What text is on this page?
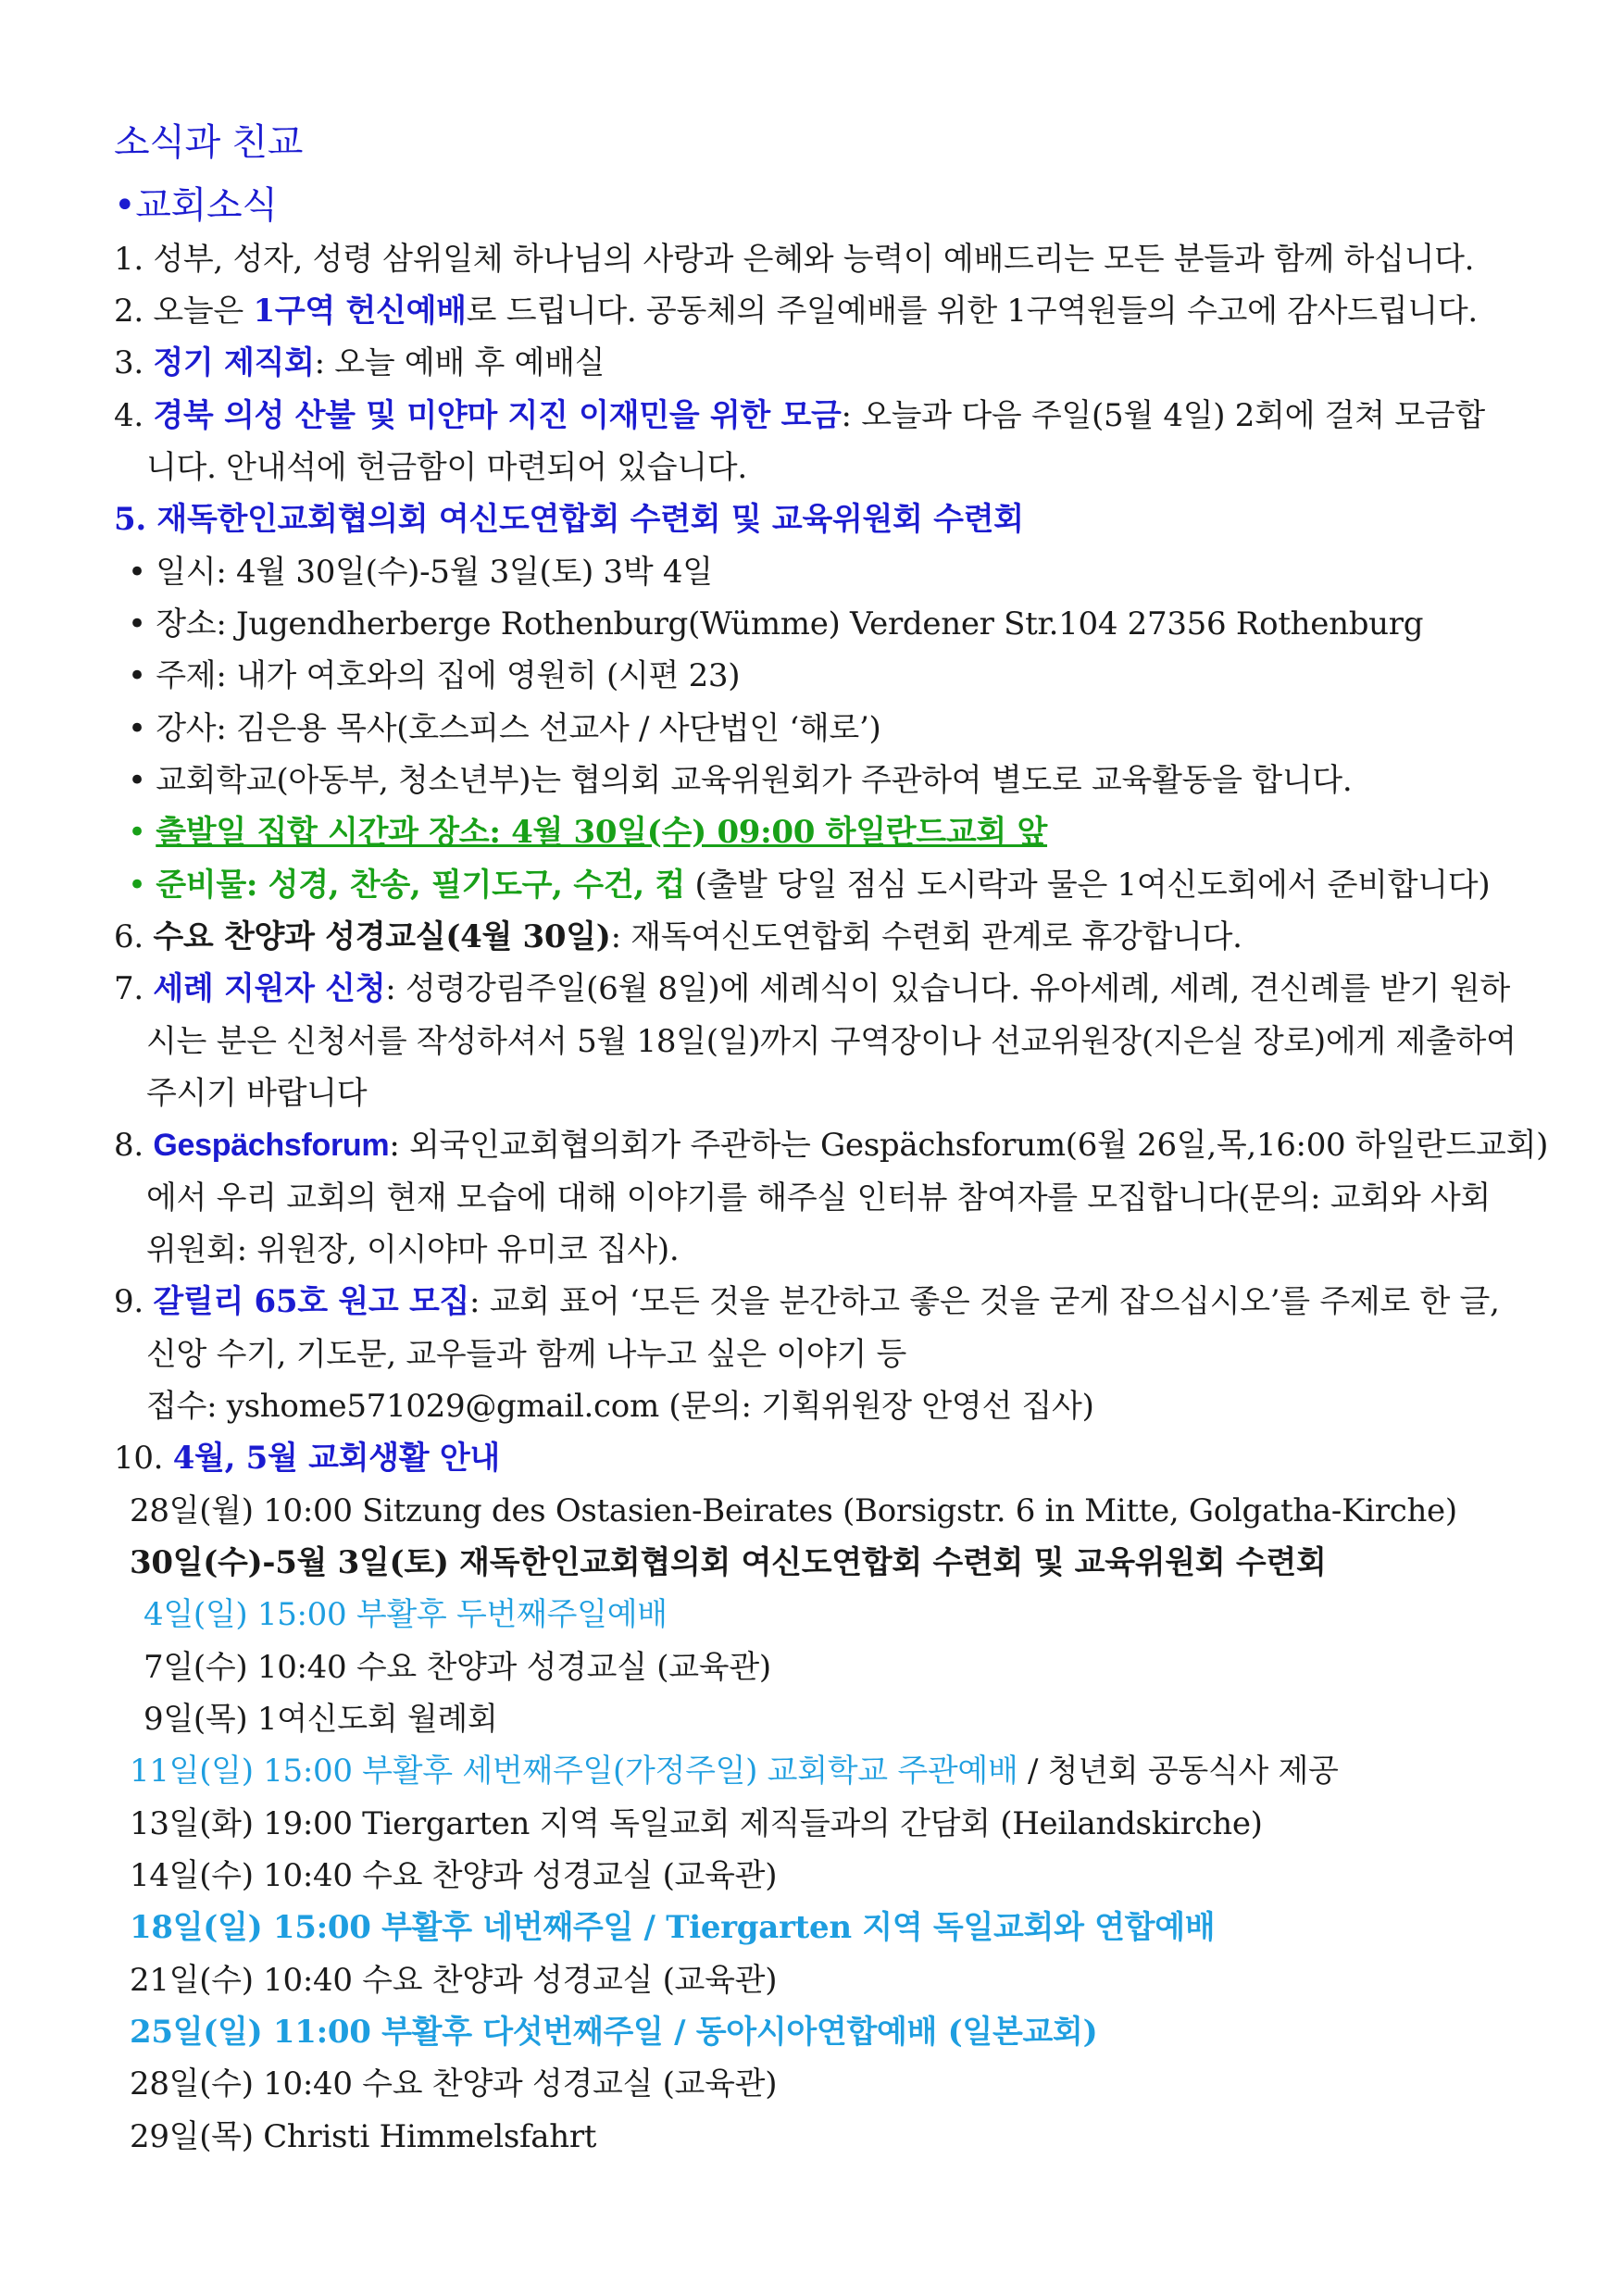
소식과 친교
•교회소식
1. 성부, 성자, 성령 삼위일체 하나님의 사랑과 은혜와 능력이 예배드리는 모든 분들과 함께 하십니다.
2. 오늘은 1구역 헌신예배로 드립니다. 공동체의 주일예배를 위한 1구역원들의 수고에 감사드립니다.
3. 정기 제직회: 오늘 예배 후 예배실
4. 경북 의성 산불 및 미얀마 지진 이재민을 위한 모금: 오늘과 다음 주일(5월 4일) 2회에 걸쳐 모금합
니다. 안내석에 헌금함이 마련되어 있습니다.
5. 재독한인교회협의회 여신도연합회 수련회 및 교육위원회 수련회
• 일시: 4월 30일(수)-5월 3일(토) 3박 4일
• 장소: Jugendherberge Rothenburg(Wümme) Verdener Str.104 27356 Rothenburg
• 주제: 내가 여호와의 집에 영원히 (시편 23)
• 강사: 김은용 목사(호스피스 선교사 / 사단법인 ‘해로’)
• 교회학교(아동부, 청소년부)는 협의회 교육위원회가 주관하여 별도로 교육활동을 합니다.
• 출발일 집합 시간과 장소: 4월 30일(수) 09:00 하일란드교회 앞
• 준비물: 성경, 찬송, 필기도구, 수건, 컵 (출발 당일 점심 도시락과 물은 1여신도회에서 준비합니다)
6. 수요 찬양과 성경교실(4월 30일): 재독여신도연합회 수련회 관계로 휴강합니다.
7. 세례 지원자 신청: 성령강림주일(6월 8일)에 세례식이 있습니다. 유아세례, 세례, 견신례를 받기 원하
시는 분은 신청서를 작성하셔서 5월 18일(일)까지 구역장이나 선교위원장(지은실 장로)에게 제출하여
주시기 바랍니다
8. Gespächsforum: 외국인교회협의회가 주관하는 Gespächsforum(6월 26일,목,16:00 하일란드교회)
에서 우리 교회의 현재 모습에 대해 이야기를 해주실 인터뷰 참여자를 모집합니다(문의: 교회와 사회
위원회: 위원장, 이시야마 유미코 집사).
9. 갈릴리 65호 원고 모집: 교회 표어 ‘모든 것을 분간하고 좋은 것을 굳게 잡으십시오’를 주제로 한 글,
신앙 수기, 기도문, 교우들과 함께 나누고 싶은 이야기 등
접수: yshome571029@gmail.com (문의: 기획위원장 안영선 집사)
10. 4월, 5월 교회생활 안내
28일(월) 10:00 Sitzung des Ostasien-Beirates (Borsigstr. 6 in Mitte, Golgatha-Kirche)
30일(수)-5월 3일(토) 재독한인교회협의회 여신도연합회 수련회 및 교육위원회 수련회
4일(일) 15:00 부활후 두번째주일예배
7일(수) 10:40 수요 찬양과 성경교실 (교육관)
9일(목) 1여신도회 월례회
11일(일) 15:00 부활후 세번째주일(가정주일) 교회학교 주관예배 / 청년회 공동식사 제공
13일(화) 19:00 Tiergarten 지역 독일교회 제직들과의 간담회 (Heilandskirche)
14일(수) 10:40 수요 찬양과 성경교실 (교육관)
18일(일) 15:00 부활후 네번째주일 / Tiergarten 지역 독일교회와 연합예배
21일(수) 10:40 수요 찬양과 성경교실 (교육관)
25일(일) 11:00 부활후 다섯번째주일 / 동아시아연합예배 (일본교회)
28일(수) 10:40 수요 찬양과 성경교실 (교육관)
29일(목) Christi Himmelsfahrt
